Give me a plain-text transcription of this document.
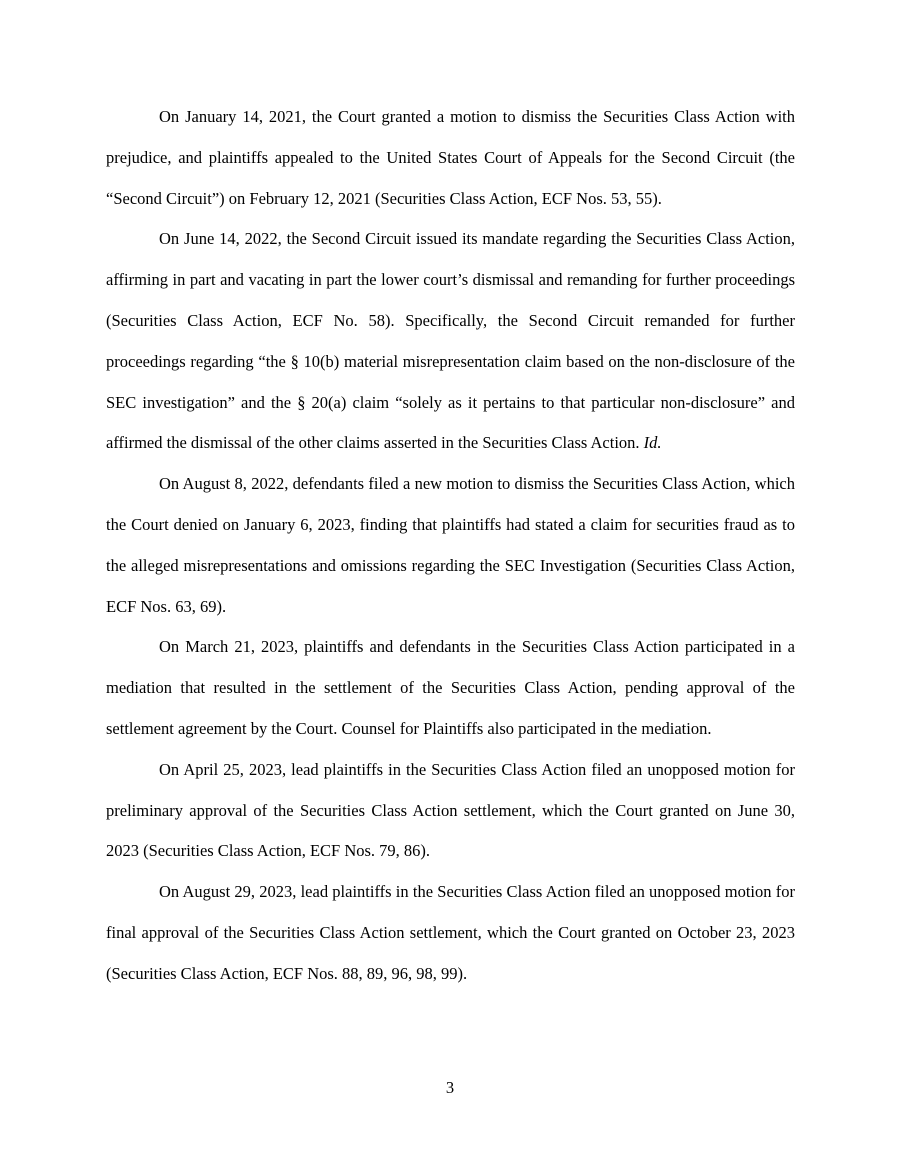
On January 14, 2021, the Court granted a motion to dismiss the Securities Class Action with prejudice, and plaintiffs appealed to the United States Court of Appeals for the Second Circuit (the “Second Circuit”) on February 12, 2021 (Securities Class Action, ECF Nos. 53, 55).

On June 14, 2022, the Second Circuit issued its mandate regarding the Securities Class Action, affirming in part and vacating in part the lower court’s dismissal and remanding for further proceedings (Securities Class Action, ECF No. 58). Specifically, the Second Circuit remanded for further proceedings regarding “the § 10(b) material misrepresentation claim based on the non-disclosure of the SEC investigation” and the § 20(a) claim “solely as it pertains to that particular non-disclosure” and affirmed the dismissal of the other claims asserted in the Securities Class Action. Id.

On August 8, 2022, defendants filed a new motion to dismiss the Securities Class Action, which the Court denied on January 6, 2023, finding that plaintiffs had stated a claim for securities fraud as to the alleged misrepresentations and omissions regarding the SEC Investigation (Securities Class Action, ECF Nos. 63, 69).

On March 21, 2023, plaintiffs and defendants in the Securities Class Action participated in a mediation that resulted in the settlement of the Securities Class Action, pending approval of the settlement agreement by the Court. Counsel for Plaintiffs also participated in the mediation.

On April 25, 2023, lead plaintiffs in the Securities Class Action filed an unopposed motion for preliminary approval of the Securities Class Action settlement, which the Court granted on June 30, 2023 (Securities Class Action, ECF Nos. 79, 86).

On August 29, 2023, lead plaintiffs in the Securities Class Action filed an unopposed motion for final approval of the Securities Class Action settlement, which the Court granted on October 23, 2023 (Securities Class Action, ECF Nos. 88, 89, 96, 98, 99).

3
